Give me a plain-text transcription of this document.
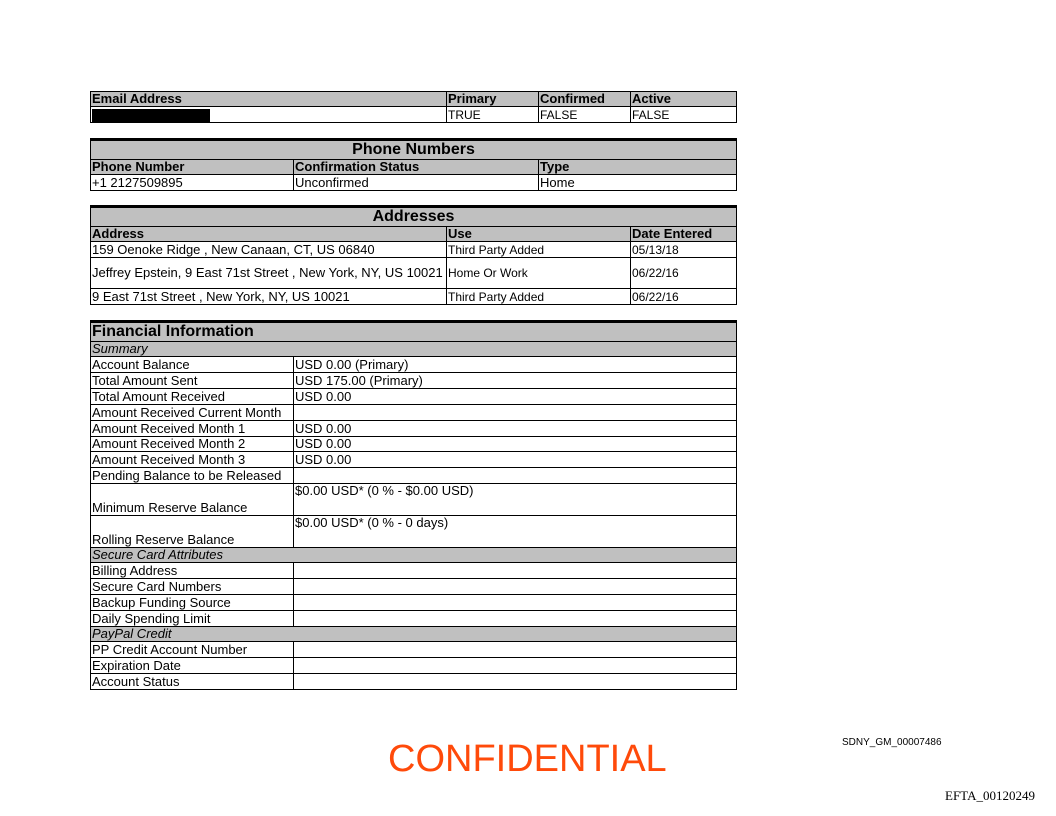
Email Address	Primary	Confirmed	Active
	TRUE	FALSE	FALSE
Phone Numbers		
Phone Number	Confirmation Status	Type
+1 2127509895	Unconfirmed	Home
Addresses		
Address	Use	Date Entered
159 Oenoke Ridge , New Canaan, CT, US 06840	Third Party Added	05/13/18
Jeffrey Epstein, 9 East 71st Street , New York, NY, US 10021	Home Or Work	06/22/16
9 East 71st Street , New York, NY, US 10021	Third Party Added	06/22/16
Financial Information	
Summary	
Account Balance	USD 0.00 (Primary)
Total Amount Sent	USD 175.00 (Primary)
Total Amount Received	USD 0.00
Amount Received Current Month	
Amount Received Month 1	USD 0.00
Amount Received Month 2	USD 0.00
Amount Received Month 3	USD 0.00
Pending Balance to be Released	
Minimum Reserve Balance	$0.00 USD* (0 % - $0.00 USD)
Rolling Reserve Balance	$0.00 USD* (0 % - 0 days)
Secure Card Attributes	
Billing Address	
Secure Card Numbers	
Backup Funding Source	
Daily Spending Limit	
PayPal Credit	
PP Credit Account Number	
Expiration Date	
Account Status	
CONFIDENTIAL	SDNY_GM_00007486
EFTA_00120249
